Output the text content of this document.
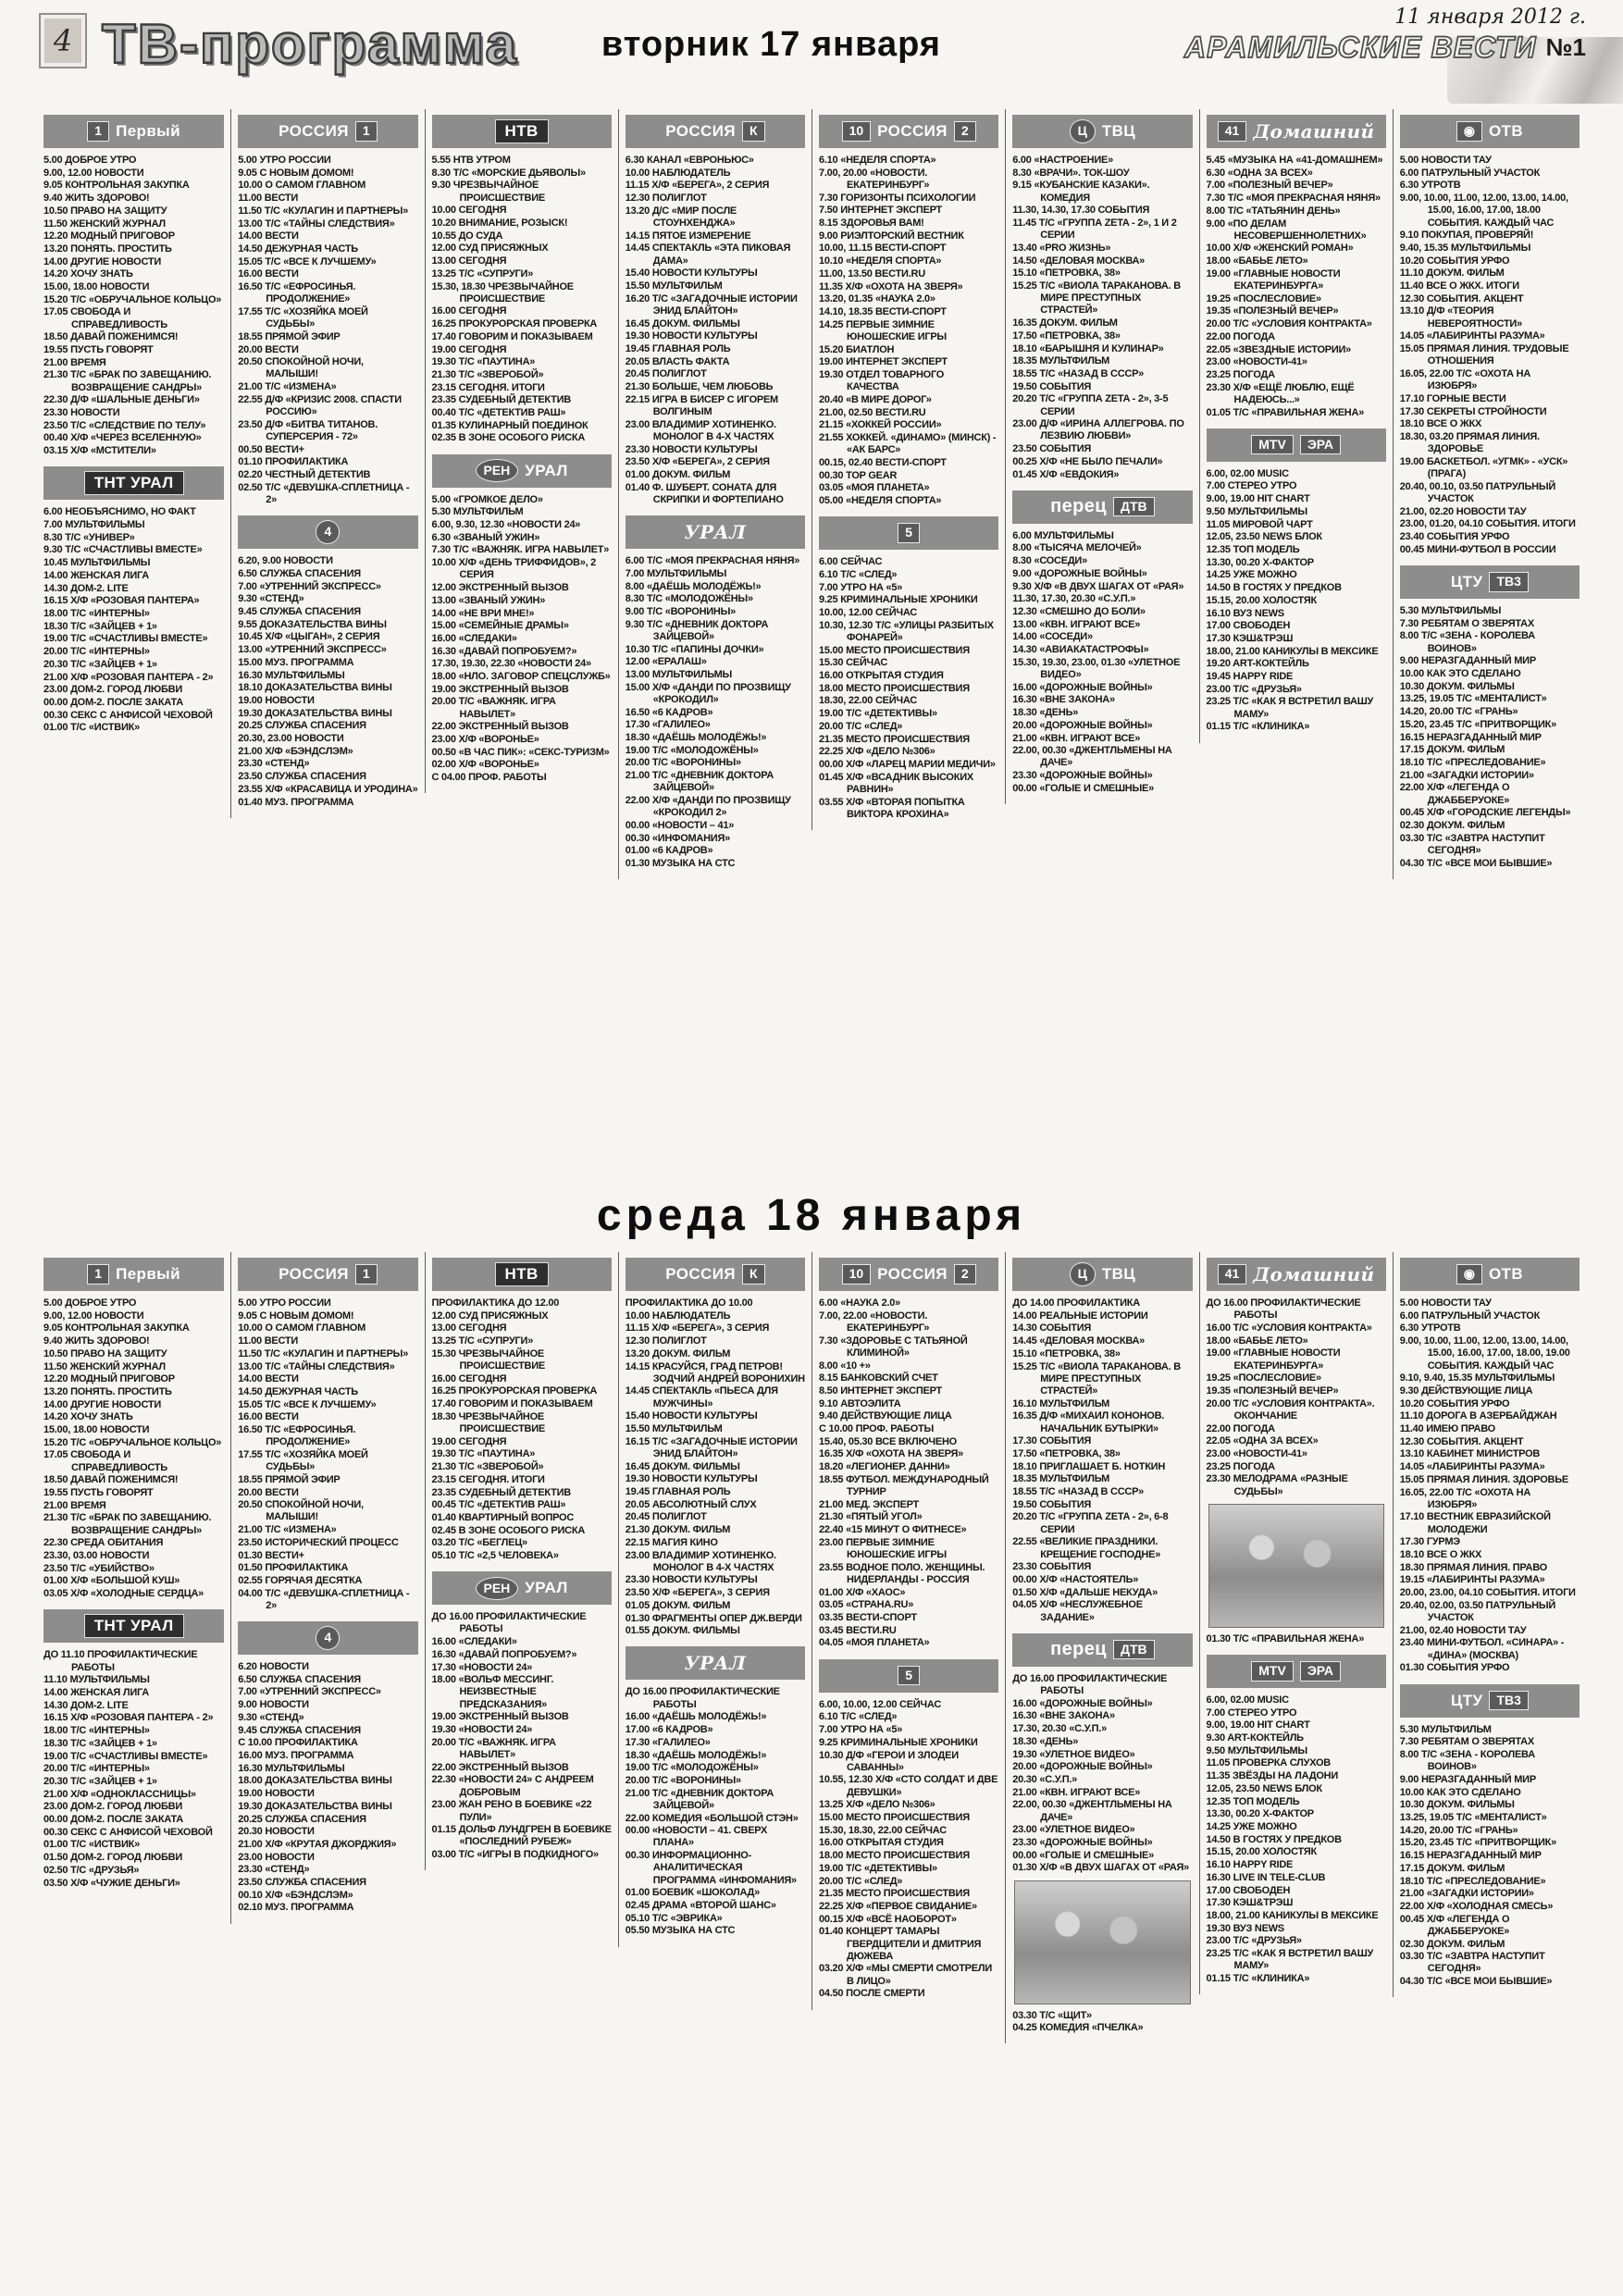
4 ТВ-программа вторник 17 января
11 января 2012 г.
АРАМИЛЬСКИЕ ВЕСТИ №1
1 Первый
5.00 ДОБРОЕ УТРО
9.00, 12.00 НОВОСТИ
9.05 КОНТРОЛЬНАЯ ЗАКУПКА
9.40 ЖИТЬ ЗДОРОВО!
10.50 ПРАВО НА ЗАЩИТУ
11.50 ЖЕНСКИЙ ЖУРНАЛ
12.20 МОДНЫЙ ПРИГОВОР
13.20 ПОНЯТЬ. ПРОСТИТЬ
14.00 ДРУГИЕ НОВОСТИ
14.20 ХОЧУ ЗНАТЬ
15.00, 18.00 НОВОСТИ
15.20 Т/С «ОБРУЧАЛЬНОЕ КОЛЬЦО»
17.05 СВОБОДА И СПРАВЕДЛИВОСТЬ
18.50 ДАВАЙ ПОЖЕНИМСЯ!
19.55 ПУСТЬ ГОВОРЯТ
21.00 ВРЕМЯ
21.30 Т/С «БРАК ПО ЗАВЕЩАНИЮ. ВОЗВРАЩЕНИЕ САНДРЫ»
22.30 Д/Ф «ШАЛЬНЫЕ ДЕНЬГИ»
23.30 НОВОСТИ
23.50 Т/С «СЛЕДСТВИЕ ПО ТЕЛУ»
00.40 Х/Ф «ЧЕРЕЗ ВСЕЛЕННУЮ»
03.15 Х/Ф «МСТИТЕЛИ»
ТНТ УРАЛ
6.00 НЕОБЪЯСНИМО, НО ФАКТ
7.00 МУЛЬТФИЛЬМЫ
8.30 Т/С «УНИВЕР»
9.30 Т/С «СЧАСТЛИВЫ ВМЕСТЕ»
10.45 МУЛЬТФИЛЬМЫ
14.00 ЖЕНСКАЯ ЛИГА
14.30 ДОМ-2. LITE
16.15 Х/Ф «РОЗОВАЯ ПАНТЕРА»
18.00 Т/С «ИНТЕРНЫ»
18.30 Т/С «ЗАЙЦЕВ + 1»
19.00 Т/С «СЧАСТЛИВЫ ВМЕСТЕ»
20.00 Т/С «ИНТЕРНЫ»
20.30 Т/С «ЗАЙЦЕВ + 1»
21.00 Х/Ф «РОЗОВАЯ ПАНТЕРА - 2»
23.00 ДОМ-2. ГОРОД ЛЮБВИ
00.00 ДОМ-2. ПОСЛЕ ЗАКАТА
00.30 СЕКС С АНФИСОЙ ЧЕХОВОЙ
01.00 Т/С «ИСТВИК»
РОССИЯ	1
5.00 УТРО РОССИИ
9.05 С НОВЫМ ДОМОМ!
10.00 О САМОМ ГЛАВНОМ
11.00 ВЕСТИ
11.50 Т/С «КУЛАГИН И ПАРТНЕРЫ»
13.00 Т/С «ТАЙНЫ СЛЕДСТВИЯ»
14.00 ВЕСТИ
14.50 ДЕЖУРНАЯ ЧАСТЬ
15.05 Т/С «ВСЕ К ЛУЧШЕМУ»
16.00 ВЕСТИ
16.50 Т/С «ЕФРОСИНЬЯ. ПРОДОЛЖЕНИЕ»
17.55 Т/С «ХОЗЯЙКА МОЕЙ СУДЬБЫ»
18.55 ПРЯМОЙ ЭФИР
20.00 ВЕСТИ
20.50 СПОКОЙНОЙ НОЧИ, МАЛЫШИ!
21.00 Т/С «ИЗМЕНА»
22.55 Д/Ф «КРИЗИС 2008. СПАСТИ РОССИЮ»
23.50 Д/Ф «БИТВА ТИТАНОВ. СУПЕРСЕРИЯ - 72»
00.50 ВЕСТИ+
01.10 ПРОФИЛАКТИКА
02.20 ЧЕСТНЫЙ ДЕТЕКТИВ
02.50 Т/С «ДЕВУШКА-СПЛЕТНИЦА - 2»
4
6.20, 9.00 НОВОСТИ
6.50 СЛУЖБА СПАСЕНИЯ
7.00 «УТРЕННИЙ ЭКСПРЕСС»
9.30 «СТЕНД»
9.45 СЛУЖБА СПАСЕНИЯ
9.55 ДОКАЗАТЕЛЬСТВА ВИНЫ
10.45 Х/Ф «ЦЫГАН», 2 СЕРИЯ
13.00 «УТРЕННИЙ ЭКСПРЕСС»
15.00 МУЗ. ПРОГРАММА
16.30 МУЛЬТФИЛЬМЫ
18.10 ДОКАЗАТЕЛЬСТВА ВИНЫ
19.00 НОВОСТИ
19.30 ДОКАЗАТЕЛЬСТВА ВИНЫ
20.25 СЛУЖБА СПАСЕНИЯ
20.30, 23.00 НОВОСТИ
21.00 Х/Ф «БЭНДСЛЭМ»
23.30 «СТЕНД»
23.50 СЛУЖБА СПАСЕНИЯ
23.55 Х/Ф «КРАСАВИЦА И УРОДИНА»
01.40 МУЗ. ПРОГРАММА
НТВ
5.55 НТВ УТРОМ
8.30 Т/С «МОРСКИЕ ДЬЯВОЛЫ»
9.30 ЧРЕЗВЫЧАЙНОЕ ПРОИСШЕСТВИЕ
10.00 СЕГОДНЯ
10.20 ВНИМАНИЕ, РОЗЫСК!
10.55 ДО СУДА
12.00 СУД ПРИСЯЖНЫХ
13.00 СЕГОДНЯ
13.25 Т/С «СУПРУГИ»
15.30, 18.30 ЧРЕЗВЫЧАЙНОЕ ПРОИСШЕСТВИЕ
16.00 СЕГОДНЯ
16.25 ПРОКУРОРСКАЯ ПРОВЕРКА
17.40 ГОВОРИМ И ПОКАЗЫВАЕМ
19.00 СЕГОДНЯ
19.30 Т/С «ПАУТИНА»
21.30 Т/С «ЗВЕРОБОЙ»
23.15 СЕГОДНЯ. ИТОГИ
23.35 СУДЕБНЫЙ ДЕТЕКТИВ
00.40 Т/С «ДЕТЕКТИВ РАШ»
01.35 КУЛИНАРНЫЙ ПОЕДИНОК
02.35 В ЗОНЕ ОСОБОГО РИСКА
РЕН УРАЛ
5.00 «ГРОМКОЕ ДЕЛО»
5.30 МУЛЬТФИЛЬМ
6.00, 9.30, 12.30 «НОВОСТИ 24»
6.30 «ЗВАНЫЙ УЖИН»
7.30 Т/С «ВАЖНЯК. ИГРА НАВЫЛЕТ»
10.00 Х/Ф «ДЕНЬ ТРИФФИДОВ», 2 СЕРИЯ
12.00 ЭКСТРЕННЫЙ ВЫЗОВ
13.00 «ЗВАНЫЙ УЖИН»
14.00 «НЕ ВРИ МНЕ!»
15.00 «СЕМЕЙНЫЕ ДРАМЫ»
16.00 «СЛЕДАКИ»
16.30 «ДАВАЙ ПОПРОБУЕМ?»
17.30, 19.30, 22.30 «НОВОСТИ 24»
18.00 «НЛО. ЗАГОВОР СПЕЦСЛУЖБ»
19.00 ЭКСТРЕННЫЙ ВЫЗОВ
20.00 Т/С «ВАЖНЯК. ИГРА НАВЫЛЕТ»
22.00 ЭКСТРЕННЫЙ ВЫЗОВ
23.00 Х/Ф «ВОРОНЬЕ»
00.50 «В ЧАС ПИК»: «СЕКС-ТУРИЗМ»
02.00 Х/Ф «ВОРОНЬЕ»
С 04.00 ПРОФ. РАБОТЫ
РОССИЯ	К
6.30 КАНАЛ «ЕВРОНЬЮС»
10.00 НАБЛЮДАТЕЛЬ
11.15 Х/Ф «БЕРЕГА», 2 СЕРИЯ
12.30 ПОЛИГЛОТ
13.20 Д/С «МИР ПОСЛЕ СТОУНХЕНДЖА»
14.15 ПЯТОЕ ИЗМЕРЕНИЕ
14.45 СПЕКТАКЛЬ «ЭТА ПИКОВАЯ ДАМА»
15.40 НОВОСТИ КУЛЬТУРЫ
15.50 МУЛЬТФИЛЬМ
16.20 Т/С «ЗАГАДОЧНЫЕ ИСТОРИИ ЭНИД БЛАЙТОН»
16.45 ДОКУМ. ФИЛЬМЫ
19.30 НОВОСТИ КУЛЬТУРЫ
19.45 ГЛАВНАЯ РОЛЬ
20.05 ВЛАСТЬ ФАКТА
20.45 ПОЛИГЛОТ
21.30 БОЛЬШЕ, ЧЕМ ЛЮБОВЬ
22.15 ИГРА В БИСЕР С ИГОРЕМ ВОЛГИНЫМ
23.00 ВЛАДИМИР ХОТИНЕНКО. МОНОЛОГ В 4-Х ЧАСТЯХ
23.30 НОВОСТИ КУЛЬТУРЫ
23.50 Х/Ф «БЕРЕГА», 2 СЕРИЯ
01.00 ДОКУМ. ФИЛЬМ
01.40 Ф. ШУБЕРТ. СОНАТА ДЛЯ СКРИПКИ И ФОРТЕПИАНО
УРАЛ
6.00 Т/С «МОЯ ПРЕКРАСНАЯ НЯНЯ»
7.00 МУЛЬТФИЛЬМЫ
8.00 «ДАЁШЬ МОЛОДЁЖЬ!»
8.30 Т/С «МОЛОДОЖЁНЫ»
9.00 Т/С «ВОРОНИНЫ»
9.30 Т/С «ДНЕВНИК ДОКТОРА ЗАЙЦЕВОЙ»
10.30 Т/С «ПАПИНЫ ДОЧКИ»
12.00 «ЕРАЛАШ»
13.00 МУЛЬТФИЛЬМЫ
15.00 Х/Ф «ДАНДИ ПО ПРОЗВИЩУ «КРОКОДИЛ»
16.50 «6 КАДРОВ»
17.30 «ГАЛИЛЕО»
18.30 «ДАЁШЬ МОЛОДЁЖЬ!»
19.00 Т/С «МОЛОДОЖЁНЫ»
20.00 Т/С «ВОРОНИНЫ»
21.00 Т/С «ДНЕВНИК ДОКТОРА ЗАЙЦЕВОЙ»
22.00 Х/Ф «ДАНДИ ПО ПРОЗВИЩУ «КРОКОДИЛ 2»
00.00 «НОВОСТИ – 41»
00.30 «ИНФОМАНИЯ»
01.00 «6 КАДРОВ»
01.30 МУЗЫКА НА СТС
10 РОССИЯ	2
6.10 «НЕДЕЛЯ СПОРТА»
7.00, 20.00 «НОВОСТИ. ЕКАТЕРИНБУРГ»
7.30 ГОРИЗОНТЫ ПСИХОЛОГИИ
7.50 ИНТЕРНЕТ ЭКСПЕРТ
8.15 ЗДОРОВЬЯ ВАМ!
9.00 РИЭЛТОРСКИЙ ВЕСТНИК
10.00, 11.15 ВЕСТИ-СПОРТ
10.10 «НЕДЕЛЯ СПОРТА»
11.00, 13.50 ВЕСТИ.RU
11.35 Х/Ф «ОХОТА НА ЗВЕРЯ»
13.20, 01.35 «НАУКА 2.0»
14.10, 18.35 ВЕСТИ-СПОРТ
14.25 ПЕРВЫЕ ЗИМНИЕ ЮНОШЕСКИЕ ИГРЫ
15.20 БИАТЛОН
19.00 ИНТЕРНЕТ ЭКСПЕРТ
19.30 ОТДЕЛ ТОВАРНОГО КАЧЕСТВА
20.40 «В МИРЕ ДОРОГ»
21.00, 02.50 ВЕСТИ.RU
21.15 «ХОККЕЙ РОССИИ»
21.55 ХОККЕЙ. «ДИНАМО» (МИНСК) - «АК БАРС»
00.15, 02.40 ВЕСТИ-СПОРТ
00.30 TOP GEAR
03.05 «МОЯ ПЛАНЕТА»
05.00 «НЕДЕЛЯ СПОРТА»
5
6.00 СЕЙЧАС
6.10 Т/С «СЛЕД»
7.00 УТРО НА «5»
9.25 КРИМИНАЛЬНЫЕ ХРОНИКИ
10.00, 12.00 СЕЙЧАС
10.30, 12.30 Т/С «УЛИЦЫ РАЗБИТЫХ ФОНАРЕЙ»
15.00 МЕСТО ПРОИСШЕСТВИЯ
15.30 СЕЙЧАС
16.00 ОТКРЫТАЯ СТУДИЯ
18.00 МЕСТО ПРОИСШЕСТВИЯ
18.30, 22.00 СЕЙЧАС
19.00 Т/С «ДЕТЕКТИВЫ»
20.00 Т/С «СЛЕД»
21.35 МЕСТО ПРОИСШЕСТВИЯ
22.25 Х/Ф «ДЕЛО №306»
00.00 Х/Ф «ЛАРЕЦ МАРИИ МЕДИЧИ»
01.45 Х/Ф «ВСАДНИК ВЫСОКИХ РАВНИН»
03.55 Х/Ф «ВТОРАЯ ПОПЫТКА ВИКТОРА КРОХИНА»
Ц ТВЦ
6.00 «НАСТРОЕНИЕ»
8.30 «ВРАЧИ». ТОК-ШОУ
9.15 «КУБАНСКИЕ КАЗАКИ». КОМЕДИЯ
11.30, 14.30, 17.30 СОБЫТИЯ
11.45 Т/С «ГРУППА ZETA - 2», 1 И 2 СЕРИИ
13.40 «PRO ЖИЗНЬ»
14.50 «ДЕЛОВАЯ МОСКВА»
15.10 «ПЕТРОВКА, 38»
15.25 Т/С «ВИОЛА ТАРАКАНОВА. В МИРЕ ПРЕСТУПНЫХ СТРАСТЕЙ»
16.35 ДОКУМ. ФИЛЬМ
17.50 «ПЕТРОВКА, 38»
18.10 «БАРЫШНЯ И КУЛИНАР»
18.35 МУЛЬТФИЛЬМ
18.55 Т/С «НАЗАД В СССР»
19.50 СОБЫТИЯ
20.20 Т/С «ГРУППА ZETA - 2», 3-5 СЕРИИ
23.00 Д/Ф «ИРИНА АЛЛЕГРОВА. ПО ЛЕЗВИЮ ЛЮБВИ»
23.50 СОБЫТИЯ
00.25 Х/Ф «НЕ БЫЛО ПЕЧАЛИ»
01.45 Х/Ф «ЕВДОКИЯ»
перец	ДТВ
6.00 МУЛЬТФИЛЬМЫ
8.00 «ТЫСЯЧА МЕЛОЧЕЙ»
8.30 «СОСЕДИ»
9.00 «ДОРОЖНЫЕ ВОЙНЫ»
9.30 Х/Ф «В ДВУХ ШАГАХ ОТ «РАЯ»
11.30, 17.30, 20.30 «С.У.П.»
12.30 «СМЕШНО ДО БОЛИ»
13.00 «КВН. ИГРАЮТ ВСЕ»
14.00 «СОСЕДИ»
14.30 «АВИАКАТАСТРОФЫ»
15.30, 19.30, 23.00, 01.30 «УЛЕТНОЕ ВИДЕО»
16.00 «ДОРОЖНЫЕ ВОЙНЫ»
16.30 «ВНЕ ЗАКОНА»
18.30 «ДЕНЬ»
20.00 «ДОРОЖНЫЕ ВОЙНЫ»
21.00 «КВН. ИГРАЮТ ВСЕ»
22.00, 00.30 «ДЖЕНТЛЬМЕНЫ НА ДАЧЕ»
23.30 «ДОРОЖНЫЕ ВОЙНЫ»
00.00 «ГОЛЫЕ И СМЕШНЫЕ»
41 Домашний
5.45 «МУЗЫКА НА «41-ДОМАШНЕМ»
6.30 «ОДНА ЗА ВСЕХ»
7.00 «ПОЛЕЗНЫЙ ВЕЧЕР»
7.30 Т/С «МОЯ ПРЕКРАСНАЯ НЯНЯ»
8.00 Т/С «ТАТЬЯНИН ДЕНЬ»
9.00 «ПО ДЕЛАМ НЕСОВЕРШЕННОЛЕТНИХ»
10.00 Х/Ф «ЖЕНСКИЙ РОМАН»
18.00 «БАБЬЕ ЛЕТО»
19.00 «ГЛАВНЫЕ НОВОСТИ ЕКАТЕРИНБУРГА»
19.25 «ПОСЛЕСЛОВИЕ»
19.35 «ПОЛЕЗНЫЙ ВЕЧЕР»
20.00 Т/С «УСЛОВИЯ КОНТРАКТА»
22.00 ПОГОДА
22.05 «ЗВЕЗДНЫЕ ИСТОРИИ»
23.00 «НОВОСТИ-41»
23.25 ПОГОДА
23.30 Х/Ф «ЕЩЁ ЛЮБЛЮ, ЕЩЁ НАДЕЮСЬ...»
01.05 Т/С «ПРАВИЛЬНАЯ ЖЕНА»
MTV	ЭРА
6.00, 02.00 MUSIC
7.00 СТЕРЕО УТРО
9.00, 19.00 HIT CHART
9.50 МУЛЬТФИЛЬМЫ
11.05 МИРОВОЙ ЧАРТ
12.05, 23.50 NEWS БЛОК
12.35 ТОП МОДЕЛЬ
13.30, 00.20 Х-ФАКТОР
14.25 УЖЕ МОЖНО
14.50 В ГОСТЯХ У ПРЕДКОВ
15.15, 20.00 ХОЛОСТЯК
16.10 ВУЗ NEWS
17.00 СВОБОДЕН
17.30 КЭШ&ТРЭШ
18.00, 21.00 КАНИКУЛЫ В МЕКСИКЕ
19.20 ART-КОКТЕЙЛЬ
19.45 HAPPY RIDE
23.00 Т/С «ДРУЗЬЯ»
23.25 Т/С «КАК Я ВСТРЕТИЛ ВАШУ МАМУ»
01.15 Т/С «КЛИНИКА»
◉ ОТВ
5.00 НОВОСТИ ТАУ
6.00 ПАТРУЛЬНЫЙ УЧАСТОК
6.30 УТРОТВ
9.00, 10.00, 11.00, 12.00, 13.00, 14.00, 15.00, 16.00, 17.00, 18.00 СОБЫТИЯ. КАЖДЫЙ ЧАС
9.10 ПОКУПАЯ, ПРОВЕРЯЙ!
9.40, 15.35 МУЛЬТФИЛЬМЫ
10.20 СОБЫТИЯ УРФО
11.10 ДОКУМ. ФИЛЬМ
11.40 ВСЕ О ЖКХ. ИТОГИ
12.30 СОБЫТИЯ. АКЦЕНТ
13.10 Д/Ф «ТЕОРИЯ НЕВЕРОЯТНОСТИ»
14.05 «ЛАБИРИНТЫ РАЗУМА»
15.05 ПРЯМАЯ ЛИНИЯ. ТРУДОВЫЕ ОТНОШЕНИЯ
16.05, 22.00 Т/С «ОХОТА НА ИЗЮБРЯ»
17.10 ГОРНЫЕ ВЕСТИ
17.30 СЕКРЕТЫ СТРОЙНОСТИ
18.10 ВСЕ О ЖКХ
18.30, 03.20 ПРЯМАЯ ЛИНИЯ. ЗДОРОВЬЕ
19.00 БАСКЕТБОЛ. «УГМК» - «УСК» (ПРАГА)
20.40, 00.10, 03.50 ПАТРУЛЬНЫЙ УЧАСТОК
21.00, 02.20 НОВОСТИ ТАУ
23.00, 01.20, 04.10 СОБЫТИЯ. ИТОГИ
23.40 СОБЫТИЯ УРФО
00.45 МИНИ-ФУТБОЛ В РОССИИ
ЦТУ	ТВ3
5.30 МУЛЬТФИЛЬМЫ
7.30 РЕБЯТАМ О ЗВЕРЯТАХ
8.00 Т/С «ЗЕНА - КОРОЛЕВА ВОИНОВ»
9.00 НЕРАЗГАДАННЫЙ МИР
10.00 КАК ЭТО СДЕЛАНО
10.30 ДОКУМ. ФИЛЬМЫ
13.25, 19.05 Т/С «МЕНТАЛИСТ»
14.20, 20.00 Т/С «ГРАНЬ»
15.20, 23.45 Т/С «ПРИТВОРЩИК»
16.15 НЕРАЗГАДАННЫЙ МИР
17.15 ДОКУМ. ФИЛЬМ
18.10 Т/С «ПРЕСЛЕДОВАНИЕ»
21.00 «ЗАГАДКИ ИСТОРИИ»
22.00 Х/Ф «ЛЕГЕНДА О ДЖАББЕРУОКЕ»
00.45 Х/Ф «ГОРОДСКИЕ ЛЕГЕНДЫ»
02.30 ДОКУМ. ФИЛЬМ
03.30 Т/С «ЗАВТРА НАСТУПИТ СЕГОДНЯ»
04.30 Т/С «ВСЕ МОИ БЫВШИЕ»
среда 18 января
1 Первый
5.00 ДОБРОЕ УТРО
9.00, 12.00 НОВОСТИ
9.05 КОНТРОЛЬНАЯ ЗАКУПКА
9.40 ЖИТЬ ЗДОРОВО!
10.50 ПРАВО НА ЗАЩИТУ
11.50 ЖЕНСКИЙ ЖУРНАЛ
12.20 МОДНЫЙ ПРИГОВОР
13.20 ПОНЯТЬ. ПРОСТИТЬ
14.00 ДРУГИЕ НОВОСТИ
14.20 ХОЧУ ЗНАТЬ
15.00, 18.00 НОВОСТИ
15.20 Т/С «ОБРУЧАЛЬНОЕ КОЛЬЦО»
17.05 СВОБОДА И СПРАВЕДЛИВОСТЬ
18.50 ДАВАЙ ПОЖЕНИМСЯ!
19.55 ПУСТЬ ГОВОРЯТ
21.00 ВРЕМЯ
21.30 Т/С «БРАК ПО ЗАВЕЩАНИЮ. ВОЗВРАЩЕНИЕ САНДРЫ»
22.30 СРЕДА ОБИТАНИЯ
23.30, 03.00 НОВОСТИ
23.50 Т/С «УБИЙСТВО»
01.00 Х/Ф «БОЛЬШОЙ КУШ»
03.05 Х/Ф «ХОЛОДНЫЕ СЕРДЦА»
ТНТ УРАЛ
ДО 11.10 ПРОФИЛАКТИЧЕСКИЕ РАБОТЫ
11.10 МУЛЬТФИЛЬМЫ
14.00 ЖЕНСКАЯ ЛИГА
14.30 ДОМ-2. LITE
16.15 Х/Ф «РОЗОВАЯ ПАНТЕРА - 2»
18.00 Т/С «ИНТЕРНЫ»
18.30 Т/С «ЗАЙЦЕВ + 1»
19.00 Т/С «СЧАСТЛИВЫ ВМЕСТЕ»
20.00 Т/С «ИНТЕРНЫ»
20.30 Т/С «ЗАЙЦЕВ + 1»
21.00 Х/Ф «ОДНОКЛАССНИЦЫ»
23.00 ДОМ-2. ГОРОД ЛЮБВИ
00.00 ДОМ-2. ПОСЛЕ ЗАКАТА
00.30 СЕКС С АНФИСОЙ ЧЕХОВОЙ
01.00 Т/С «ИСТВИК»
01.50 ДОМ-2. ГОРОД ЛЮБВИ
02.50 Т/С «ДРУЗЬЯ»
03.50 Х/Ф «ЧУЖИЕ ДЕНЬГИ»
РОССИЯ	1
5.00 УТРО РОССИИ
9.05 С НОВЫМ ДОМОМ!
10.00 О САМОМ ГЛАВНОМ
11.00 ВЕСТИ
11.50 Т/С «КУЛАГИН И ПАРТНЕРЫ»
13.00 Т/С «ТАЙНЫ СЛЕДСТВИЯ»
14.00 ВЕСТИ
14.50 ДЕЖУРНАЯ ЧАСТЬ
15.05 Т/С «ВСЕ К ЛУЧШЕМУ»
16.00 ВЕСТИ
16.50 Т/С «ЕФРОСИНЬЯ. ПРОДОЛЖЕНИЕ»
17.55 Т/С «ХОЗЯЙКА МОЕЙ СУДЬБЫ»
18.55 ПРЯМОЙ ЭФИР
20.00 ВЕСТИ
20.50 СПОКОЙНОЙ НОЧИ, МАЛЫШИ!
21.00 Т/С «ИЗМЕНА»
23.50 ИСТОРИЧЕСКИЙ ПРОЦЕСС
01.30 ВЕСТИ+
01.50 ПРОФИЛАКТИКА
02.55 ГОРЯЧАЯ ДЕСЯТКА
04.00 Т/С «ДЕВУШКА-СПЛЕТНИЦА - 2»
4
6.20 НОВОСТИ
6.50 СЛУЖБА СПАСЕНИЯ
7.00 «УТРЕННИЙ ЭКСПРЕСС»
9.00 НОВОСТИ
9.30 «СТЕНД»
9.45 СЛУЖБА СПАСЕНИЯ
С 10.00 ПРОФИЛАКТИКА
16.00 МУЗ. ПРОГРАММА
16.30 МУЛЬТФИЛЬМЫ
18.00 ДОКАЗАТЕЛЬСТВА ВИНЫ
19.00 НОВОСТИ
19.30 ДОКАЗАТЕЛЬСТВА ВИНЫ
20.25 СЛУЖБА СПАСЕНИЯ
20.30 НОВОСТИ
21.00 Х/Ф «КРУТАЯ ДЖОРДЖИЯ»
23.00 НОВОСТИ
23.30 «СТЕНД»
23.50 СЛУЖБА СПАСЕНИЯ
00.10 Х/Ф «БЭНДСЛЭМ»
02.10 МУЗ. ПРОГРАММА
НТВ
ПРОФИЛАКТИКА ДО 12.00
12.00 СУД ПРИСЯЖНЫХ
13.00 СЕГОДНЯ
13.25 Т/С «СУПРУГИ»
15.30 ЧРЕЗВЫЧАЙНОЕ ПРОИСШЕСТВИЕ
16.00 СЕГОДНЯ
16.25 ПРОКУРОРСКАЯ ПРОВЕРКА
17.40 ГОВОРИМ И ПОКАЗЫВАЕМ
18.30 ЧРЕЗВЫЧАЙНОЕ ПРОИСШЕСТВИЕ
19.00 СЕГОДНЯ
19.30 Т/С «ПАУТИНА»
21.30 Т/С «ЗВЕРОБОЙ»
23.15 СЕГОДНЯ. ИТОГИ
23.35 СУДЕБНЫЙ ДЕТЕКТИВ
00.45 Т/С «ДЕТЕКТИВ РАШ»
01.40 КВАРТИРНЫЙ ВОПРОС
02.45 В ЗОНЕ ОСОБОГО РИСКА
03.20 Т/С «БЕГЛЕЦ»
05.10 Т/С «2,5 ЧЕЛОВЕКА»
РЕН УРАЛ
ДО 16.00 ПРОФИЛАКТИЧЕСКИЕ РАБОТЫ
16.00 «СЛЕДАКИ»
16.30 «ДАВАЙ ПОПРОБУЕМ?»
17.30 «НОВОСТИ 24»
18.00 «ВОЛЬФ МЕССИНГ. НЕИЗВЕСТНЫЕ ПРЕДСКАЗАНИЯ»
19.00 ЭКСТРЕННЫЙ ВЫЗОВ
19.30 «НОВОСТИ 24»
20.00 Т/С «ВАЖНЯК. ИГРА НАВЫЛЕТ»
22.00 ЭКСТРЕННЫЙ ВЫЗОВ
22.30 «НОВОСТИ 24» С АНДРЕЕМ ДОБРОВЫМ
23.00 ЖАН РЕНО В БОЕВИКЕ «22 ПУЛИ»
01.15 ДОЛЬФ ЛУНДГРЕН В БОЕВИКЕ «ПОСЛЕДНИЙ РУБЕЖ»
03.00 Т/С «ИГРЫ В ПОДКИДНОГО»
РОССИЯ	К
ПРОФИЛАКТИКА ДО 10.00
10.00 НАБЛЮДАТЕЛЬ
11.15 Х/Ф «БЕРЕГА», 3 СЕРИЯ
12.30 ПОЛИГЛОТ
13.20 ДОКУМ. ФИЛЬМ
14.15 КРАСУЙСЯ, ГРАД ПЕТРОВ! ЗОДЧИЙ АНДРЕЙ ВОРОНИХИН
14.45 СПЕКТАКЛЬ «ПЬЕСА ДЛЯ МУЖЧИНЫ»
15.40 НОВОСТИ КУЛЬТУРЫ
15.50 МУЛЬТФИЛЬМ
16.15 Т/С «ЗАГАДОЧНЫЕ ИСТОРИИ ЭНИД БЛАЙТОН»
16.45 ДОКУМ. ФИЛЬМЫ
19.30 НОВОСТИ КУЛЬТУРЫ
19.45 ГЛАВНАЯ РОЛЬ
20.05 АБСОЛЮТНЫЙ СЛУХ
20.45 ПОЛИГЛОТ
21.30 ДОКУМ. ФИЛЬМ
22.15 МАГИЯ КИНО
23.00 ВЛАДИМИР ХОТИНЕНКО. МОНОЛОГ В 4-Х ЧАСТЯХ
23.30 НОВОСТИ КУЛЬТУРЫ
23.50 Х/Ф «БЕРЕГА», 3 СЕРИЯ
01.05 ДОКУМ. ФИЛЬМ
01.30 ФРАГМЕНТЫ ОПЕР ДЖ.ВЕРДИ
01.55 ДОКУМ. ФИЛЬМЫ
УРАЛ
ДО 16.00 ПРОФИЛАКТИЧЕСКИЕ РАБОТЫ
16.00 «ДАЁШЬ МОЛОДЁЖЬ!»
17.00 «6 КАДРОВ»
17.30 «ГАЛИЛЕО»
18.30 «ДАЁШЬ МОЛОДЁЖЬ!»
19.00 Т/С «МОЛОДОЖЁНЫ»
20.00 Т/С «ВОРОНИНЫ»
21.00 Т/С «ДНЕВНИК ДОКТОРА ЗАЙЦЕВОЙ»
22.00 КОМЕДИЯ «БОЛЬШОЙ СТЭН»
00.00 «НОВОСТИ – 41. СВЕРХ ПЛАНА»
00.30 ИНФОРМАЦИОННО-АНАЛИТИЧЕСКАЯ ПРОГРАММА «ИНФОМАНИЯ»
01.00 БОЕВИК «ШОКОЛАД»
02.45 ДРАМА «ВТОРОЙ ШАНС»
05.10 Т/С «ЭВРИКА»
05.50 МУЗЫКА НА СТС
10 РОССИЯ	2
6.00 «НАУКА 2.0»
7.00, 22.00 «НОВОСТИ. ЕКАТЕРИНБУРГ»
7.30 «ЗДОРОВЬЕ С ТАТЬЯНОЙ КЛИМИНОЙ»
8.00 «10 +»
8.15 БАНКОВСКИЙ СЧЕТ
8.50 ИНТЕРНЕТ ЭКСПЕРТ
9.10 АВТОЭЛИТА
9.40 ДЕЙСТВУЮЩИЕ ЛИЦА
С 10.00 ПРОФ. РАБОТЫ
15.40, 05.30 ВСЕ ВКЛЮЧЕНО
16.35 Х/Ф «ОХОТА НА ЗВЕРЯ»
18.20 «ЛЕГИОНЕР. ДАННИ»
18.55 ФУТБОЛ. МЕЖДУНАРОДНЫЙ ТУРНИР
21.00 МЕД. ЭКСПЕРТ
21.30 «ПЯТЫЙ УГОЛ»
22.40 «15 МИНУТ О ФИТНЕСЕ»
23.00 ПЕРВЫЕ ЗИМНИЕ ЮНОШЕСКИЕ ИГРЫ
23.55 ВОДНОЕ ПОЛО. ЖЕНЩИНЫ. НИДЕРЛАНДЫ - РОССИЯ
01.00 Х/Ф «ХАОС»
03.05 «СТРАНА.RU»
03.35 ВЕСТИ-СПОРТ
03.45 ВЕСТИ.RU
04.05 «МОЯ ПЛАНЕТА»
5
6.00, 10.00, 12.00 СЕЙЧАС
6.10 Т/С «СЛЕД»
7.00 УТРО НА «5»
9.25 КРИМИНАЛЬНЫЕ ХРОНИКИ
10.30 Д/Ф «ГЕРОИ И ЗЛОДЕИ САВАННЫ»
10.55, 12.30 Х/Ф «СТО СОЛДАТ И ДВЕ ДЕВУШКИ»
13.25 Х/Ф «ДЕЛО №306»
15.00 МЕСТО ПРОИСШЕСТВИЯ
15.30, 18.30, 22.00 СЕЙЧАС
16.00 ОТКРЫТАЯ СТУДИЯ
18.00 МЕСТО ПРОИСШЕСТВИЯ
19.00 Т/С «ДЕТЕКТИВЫ»
20.00 Т/С «СЛЕД»
21.35 МЕСТО ПРОИСШЕСТВИЯ
22.25 Х/Ф «ПЕРВОЕ СВИДАНИЕ»
00.15 Х/Ф «ВСЁ НАОБОРОТ»
01.40 КОНЦЕРТ ТАМАРЫ ГВЕРДЦИТЕЛИ И ДМИТРИЯ ДЮЖЕВА
03.20 Х/Ф «МЫ СМЕРТИ СМОТРЕЛИ В ЛИЦО»
04.50 ПОСЛЕ СМЕРТИ
Ц ТВЦ
ДО 14.00 ПРОФИЛАКТИКА
14.00 РЕАЛЬНЫЕ ИСТОРИИ
14.30 СОБЫТИЯ
14.45 «ДЕЛОВАЯ МОСКВА»
15.10 «ПЕТРОВКА, 38»
15.25 Т/С «ВИОЛА ТАРАКАНОВА. В МИРЕ ПРЕСТУПНЫХ СТРАСТЕЙ»
16.10 МУЛЬТФИЛЬМ
16.35 Д/Ф «МИХАИЛ КОНОНОВ. НАЧАЛЬНИК БУТЫРКИ»
17.30 СОБЫТИЯ
17.50 «ПЕТРОВКА, 38»
18.10 ПРИГЛАШАЕТ Б. НОТКИН
18.35 МУЛЬТФИЛЬМ
18.55 Т/С «НАЗАД В СССР»
19.50 СОБЫТИЯ
20.20 Т/С «ГРУППА ZETA - 2», 6-8 СЕРИИ
22.55 «ВЕЛИКИЕ ПРАЗДНИКИ. КРЕЩЕНИЕ ГОСПОДНЕ»
23.30 СОБЫТИЯ
00.00 Х/Ф «НАСТОЯТЕЛЬ»
01.50 Х/Ф «ДАЛЬШЕ НЕКУДА»
04.05 Х/Ф «НЕСЛУЖЕБНОЕ ЗАДАНИЕ»
перец	ДТВ
ДО 16.00 ПРОФИЛАКТИЧЕСКИЕ РАБОТЫ
16.00 «ДОРОЖНЫЕ ВОЙНЫ»
16.30 «ВНЕ ЗАКОНА»
17.30, 20.30 «С.У.П.»
18.30 «ДЕНЬ»
19.30 «УЛЕТНОЕ ВИДЕО»
20.00 «ДОРОЖНЫЕ ВОЙНЫ»
20.30 «С.У.П.»
21.00 «КВН. ИГРАЮТ ВСЕ»
22.00, 00.30 «ДЖЕНТЛЬМЕНЫ НА ДАЧЕ»
23.00 «УЛЕТНОЕ ВИДЕО»
23.30 «ДОРОЖНЫЕ ВОЙНЫ»
00.00 «ГОЛЫЕ И СМЕШНЫЕ»
01.30 Х/Ф «В ДВУХ ШАГАХ ОТ «РАЯ»
03.30 Т/С «ЩИТ»
04.25 КОМЕДИЯ «ПЧЕЛКА»
41 Домашний
ДО 16.00 ПРОФИЛАКТИЧЕСКИЕ РАБОТЫ
16.00 Т/С «УСЛОВИЯ КОНТРАКТА»
18.00 «БАБЬЕ ЛЕТО»
19.00 «ГЛАВНЫЕ НОВОСТИ ЕКАТЕРИНБУРГА»
19.25 «ПОСЛЕСЛОВИЕ»
19.35 «ПОЛЕЗНЫЙ ВЕЧЕР»
20.00 Т/С «УСЛОВИЯ КОНТРАКТА». ОКОНЧАНИЕ
22.00 ПОГОДА
22.05 «ОДНА ЗА ВСЕХ»
23.00 «НОВОСТИ-41»
23.25 ПОГОДА
23.30 МЕЛОДРАМА «РАЗНЫЕ СУДЬБЫ»
01.30 Т/С «ПРАВИЛЬНАЯ ЖЕНА»
MTV	ЭРА
6.00, 02.00 MUSIC
7.00 СТЕРЕО УТРО
9.00, 19.00 HIT CHART
9.30 ART-КОКТЕЙЛЬ
9.50 МУЛЬТФИЛЬМЫ
11.05 ПРОВЕРКА СЛУХОВ
11.35 ЗВЁЗДЫ НА ЛАДОНИ
12.05, 23.50 NEWS БЛОК
12.35 ТОП МОДЕЛЬ
13.30, 00.20 Х-ФАКТОР
14.25 УЖЕ МОЖНО
14.50 В ГОСТЯХ У ПРЕДКОВ
15.15, 20.00 ХОЛОСТЯК
16.10 HAPPY RIDE
16.30 LIVE IN TELE-CLUB
17.00 СВОБОДЕН
17.30 КЭШ&ТРЭШ
18.00, 21.00 КАНИКУЛЫ В МЕКСИКЕ
19.30 ВУЗ NEWS
23.00 Т/С «ДРУЗЬЯ»
23.25 Т/С «КАК Я ВСТРЕТИЛ ВАШУ МАМУ»
01.15 Т/С «КЛИНИКА»
◉ ОТВ
5.00 НОВОСТИ ТАУ
6.00 ПАТРУЛЬНЫЙ УЧАСТОК
6.30 УТРОТВ
9.00, 10.00, 11.00, 12.00, 13.00, 14.00, 15.00, 16.00, 17.00, 18.00, 19.00 СОБЫТИЯ. КАЖДЫЙ ЧАС
9.10, 9.40, 15.35 МУЛЬТФИЛЬМЫ
9.30 ДЕЙСТВУЮЩИЕ ЛИЦА
10.20 СОБЫТИЯ УРФО
11.10 ДОРОГА В АЗЕРБАЙДЖАН
11.40 ИМЕЮ ПРАВО
12.30 СОБЫТИЯ. АКЦЕНТ
13.10 КАБИНЕТ МИНИСТРОВ
14.05 «ЛАБИРИНТЫ РАЗУМА»
15.05 ПРЯМАЯ ЛИНИЯ. ЗДОРОВЬЕ
16.05, 22.00 Т/С «ОХОТА НА ИЗЮБРЯ»
17.10 ВЕСТНИК ЕВРАЗИЙСКОЙ МОЛОДЕЖИ
17.30 ГУРМЭ
18.10 ВСЕ О ЖКХ
18.30 ПРЯМАЯ ЛИНИЯ. ПРАВО
19.15 «ЛАБИРИНТЫ РАЗУМА»
20.00, 23.00, 04.10 СОБЫТИЯ. ИТОГИ
20.40, 02.00, 03.50 ПАТРУЛЬНЫЙ УЧАСТОК
21.00, 02.40 НОВОСТИ ТАУ
23.40 МИНИ-ФУТБОЛ. «СИНАРА» - «ДИНА» (МОСКВА)
01.30 СОБЫТИЯ УРФО
ЦТУ	ТВ3
5.30 МУЛЬТФИЛЬМ
7.30 РЕБЯТАМ О ЗВЕРЯТАХ
8.00 Т/С «ЗЕНА - КОРОЛЕВА ВОИНОВ»
9.00 НЕРАЗГАДАННЫЙ МИР
10.00 КАК ЭТО СДЕЛАНО
10.30 ДОКУМ. ФИЛЬМЫ
13.25, 19.05 Т/С «МЕНТАЛИСТ»
14.20, 20.00 Т/С «ГРАНЬ»
15.20, 23.45 Т/С «ПРИТВОРЩИК»
16.15 НЕРАЗГАДАННЫЙ МИР
17.15 ДОКУМ. ФИЛЬМ
18.10 Т/С «ПРЕСЛЕДОВАНИЕ»
21.00 «ЗАГАДКИ ИСТОРИИ»
22.00 Х/Ф «ХОЛОДНАЯ СМЕСЬ»
00.45 Х/Ф «ЛЕГЕНДА О ДЖАББЕРУОКЕ»
02.30 ДОКУМ. ФИЛЬМ
03.30 Т/С «ЗАВТРА НАСТУПИТ СЕГОДНЯ»
04.30 Т/С «ВСЕ МОИ БЫВШИЕ»
